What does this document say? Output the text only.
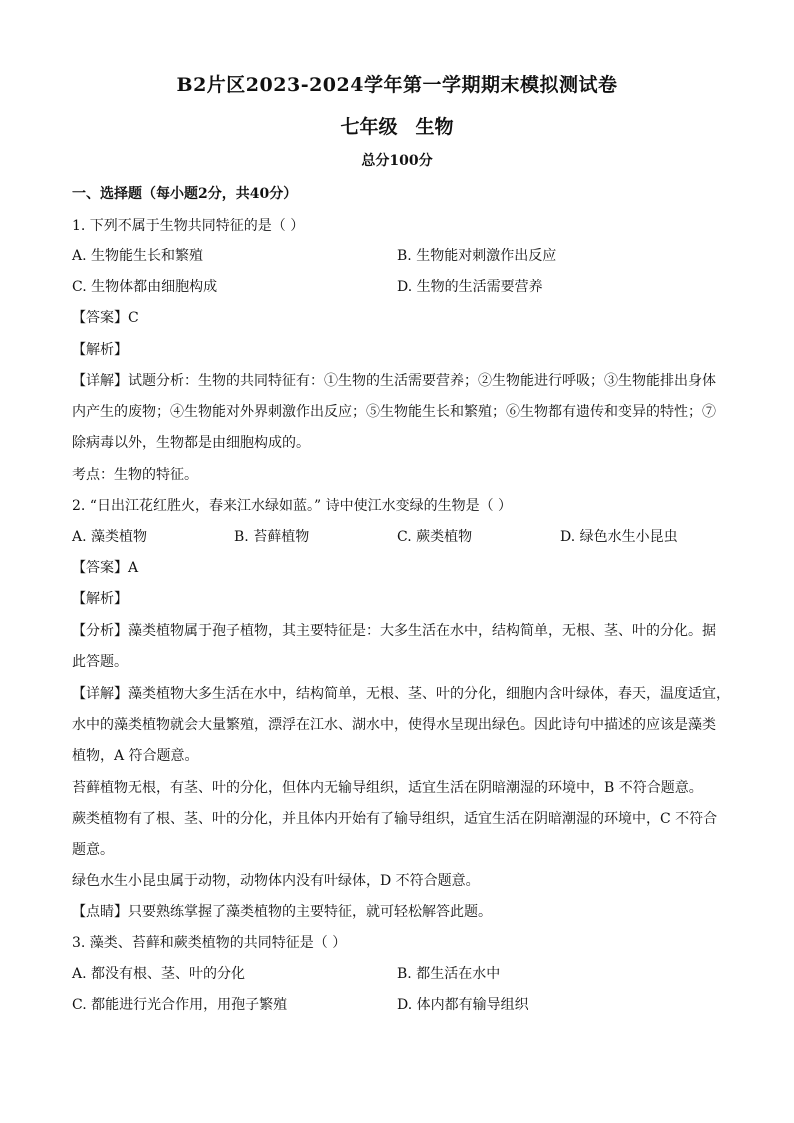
B2片区2023-2024学年第一学期期末模拟测试卷
七年级 生物
总分100分
一、选择题（每小题2分，共40分）
1. 下列不属于生物共同特征的是（ ）
A. 生物能生长和繁殖	B. 生物能对刺激作出反应
C. 生物体都由细胞构成	D. 生物的生活需要营养
【答案】C
【解析】
【详解】试题分析：生物的共同特征有：①生物的生活需要营养；②生物能进行呼吸；③生物能排出身体
内产生的废物；④生物能对外界刺激作出反应；⑤生物能生长和繁殖；⑥生物都有遗传和变异的特性；⑦
除病毒以外，生物都是由细胞构成的。
考点：生物的特征。
2. “日出江花红胜火，春来江水绿如蓝。” 诗中使江水变绿的生物是（ ）
A. 藻类植物	B. 苔藓植物	C. 蕨类植物	D. 绿色水生小昆虫
【答案】A
【解析】
【分析】藻类植物属于孢子植物，其主要特征是：大多生活在水中，结构简单，无根、茎、叶的分化。据
此答题。
【详解】藻类植物大多生活在水中，结构简单，无根、茎、叶的分化，细胞内含叶绿体，春天，温度适宜，
水中的藻类植物就会大量繁殖，漂浮在江水、湖水中，使得水呈现出绿色。因此诗句中描述的应该是藻类
植物，A 符合题意。
苔藓植物无根，有茎、叶的分化，但体内无输导组织，适宜生活在阴暗潮湿的环境中，B 不符合题意。
蕨类植物有了根、茎、叶的分化，并且体内开始有了输导组织，适宜生活在阴暗潮湿的环境中，C 不符合
题意。
绿色水生小昆虫属于动物，动物体内没有叶绿体，D 不符合题意。
【点睛】只要熟练掌握了藻类植物的主要特征，就可轻松解答此题。
3. 藻类、苔藓和蕨类植物的共同特征是（ ）
A. 都没有根、茎、叶的分化	B. 都生活在水中
C. 都能进行光合作用，用孢子繁殖	D. 体内都有输导组织
